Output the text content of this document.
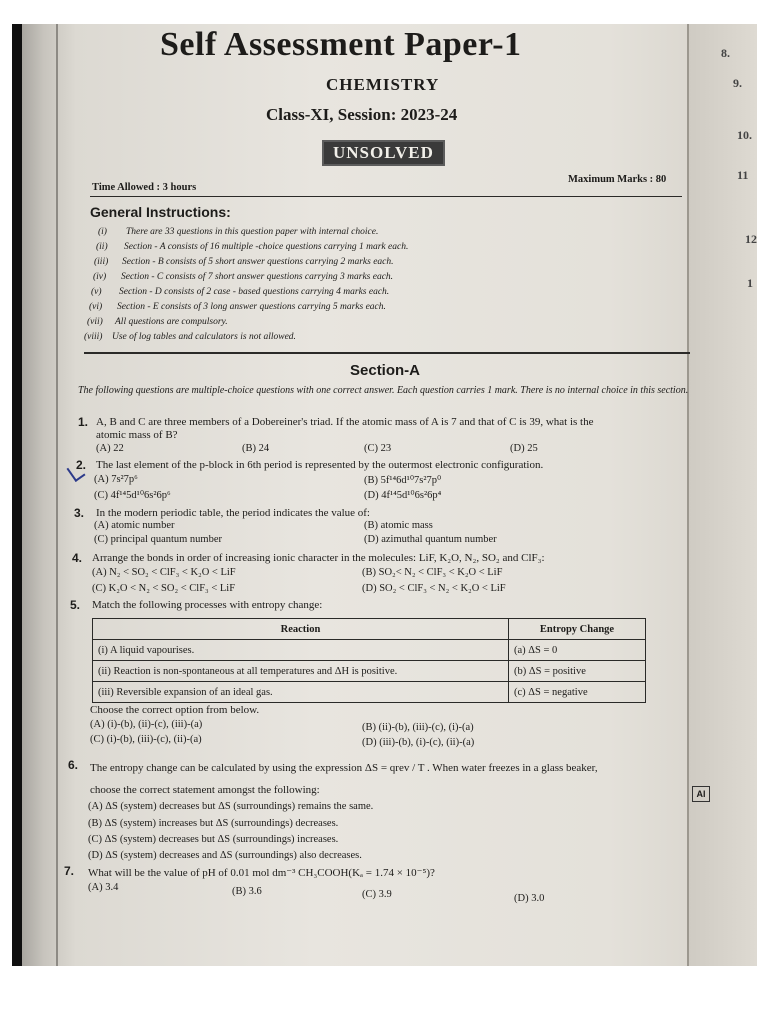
8.
9.
10.
11
12
1
Self Assessment Paper-1
CHEMISTRY
Class-XI, Session: 2023-24
UNSOLVED
Time Allowed : 3 hours
Maximum Marks : 80
General Instructions:
(i) There are 33 questions in this question paper with internal choice.
(ii) Section - A consists of 16 multiple -choice questions carrying 1 mark each.
(iii) Section - B consists of 5 short answer questions carrying 2 marks each.
(iv) Section - C consists of 7 short answer questions carrying 3 marks each.
(v) Section - D consists of 2 case - based questions carrying 4 marks each.
(vi) Section - E consists of 3 long answer questions carrying 5 marks each.
(vii) All questions are compulsory.
(viii) Use of log tables and calculators is not allowed.
Section-A
The following questions are multiple-choice questions with one correct answer. Each question carries 1 mark. There is no internal choice in this section.
1. A, B and C are three members of a Dobereiner's triad. If the atomic mass of A is 7 and that of C is 39, what is the
atomic mass of B?
(A) 22	(B) 24	(C) 23	(D) 25
2. The last element of the p-block in 6th period is represented by the outermost electronic configuration.
(A) 7s²7p⁶	(B) 5f¹⁴6d¹⁰7s²7p⁰
(C) 4f¹⁴5d¹⁰6s²6p⁶	(D) 4f¹⁴5d¹⁰6s²6p⁴
3. In the modern periodic table, the period indicates the value of:
(A) atomic number	(B) atomic mass
(C) principal quantum number	(D) azimuthal quantum number
4. Arrange the bonds in order of increasing ionic character in the molecules: LiF, K₂O, N₂, SO₂ and ClF₃:
(A) N₂ < SO₂ < ClF₃ < K₂O < LiF	(B) SO₂< N₂ < ClF₃ < K₂O < LiF
(C) K₂O < N₂ < SO₂ < ClF₃ < LiF	(D) SO₂ < ClF₃ < N₂ < K₂O < LiF
5. Match the following processes with entropy change:
Reaction	Entropy Change
(i) A liquid vapourises.	(a) ΔS = 0
(ii) Reaction is non-spontaneous at all temperatures and ΔH is positive.	(b) ΔS = positive
(iii) Reversible expansion of an ideal gas.	(c) ΔS = negative
Choose the correct option from below.
(A) (i)-(b), (ii)-(c), (iii)-(a)	(B) (ii)-(b), (iii)-(c), (i)-(a)
(C) (i)-(b), (iii)-(c), (ii)-(a)	(D) (iii)-(b), (i)-(c), (ii)-(a)
6. The entropy change can be calculated by using the expression ΔS = qrev / T . When water freezes in a glass beaker,
choose the correct statement amongst the following:	AI
(A) ΔS (system) decreases but ΔS (surroundings) remains the same.
(B) ΔS (system) increases but ΔS (surroundings) decreases.
(C) ΔS (system) decreases but ΔS (surroundings) increases.
(D) ΔS (system) decreases and ΔS (surroundings) also decreases.
7. What will be the value of pH of 0.01 mol dm⁻³ CH₃COOH(Kₐ = 1.74 × 10⁻⁵)?
(A) 3.4	(B) 3.6	(C) 3.9	(D) 3.0
